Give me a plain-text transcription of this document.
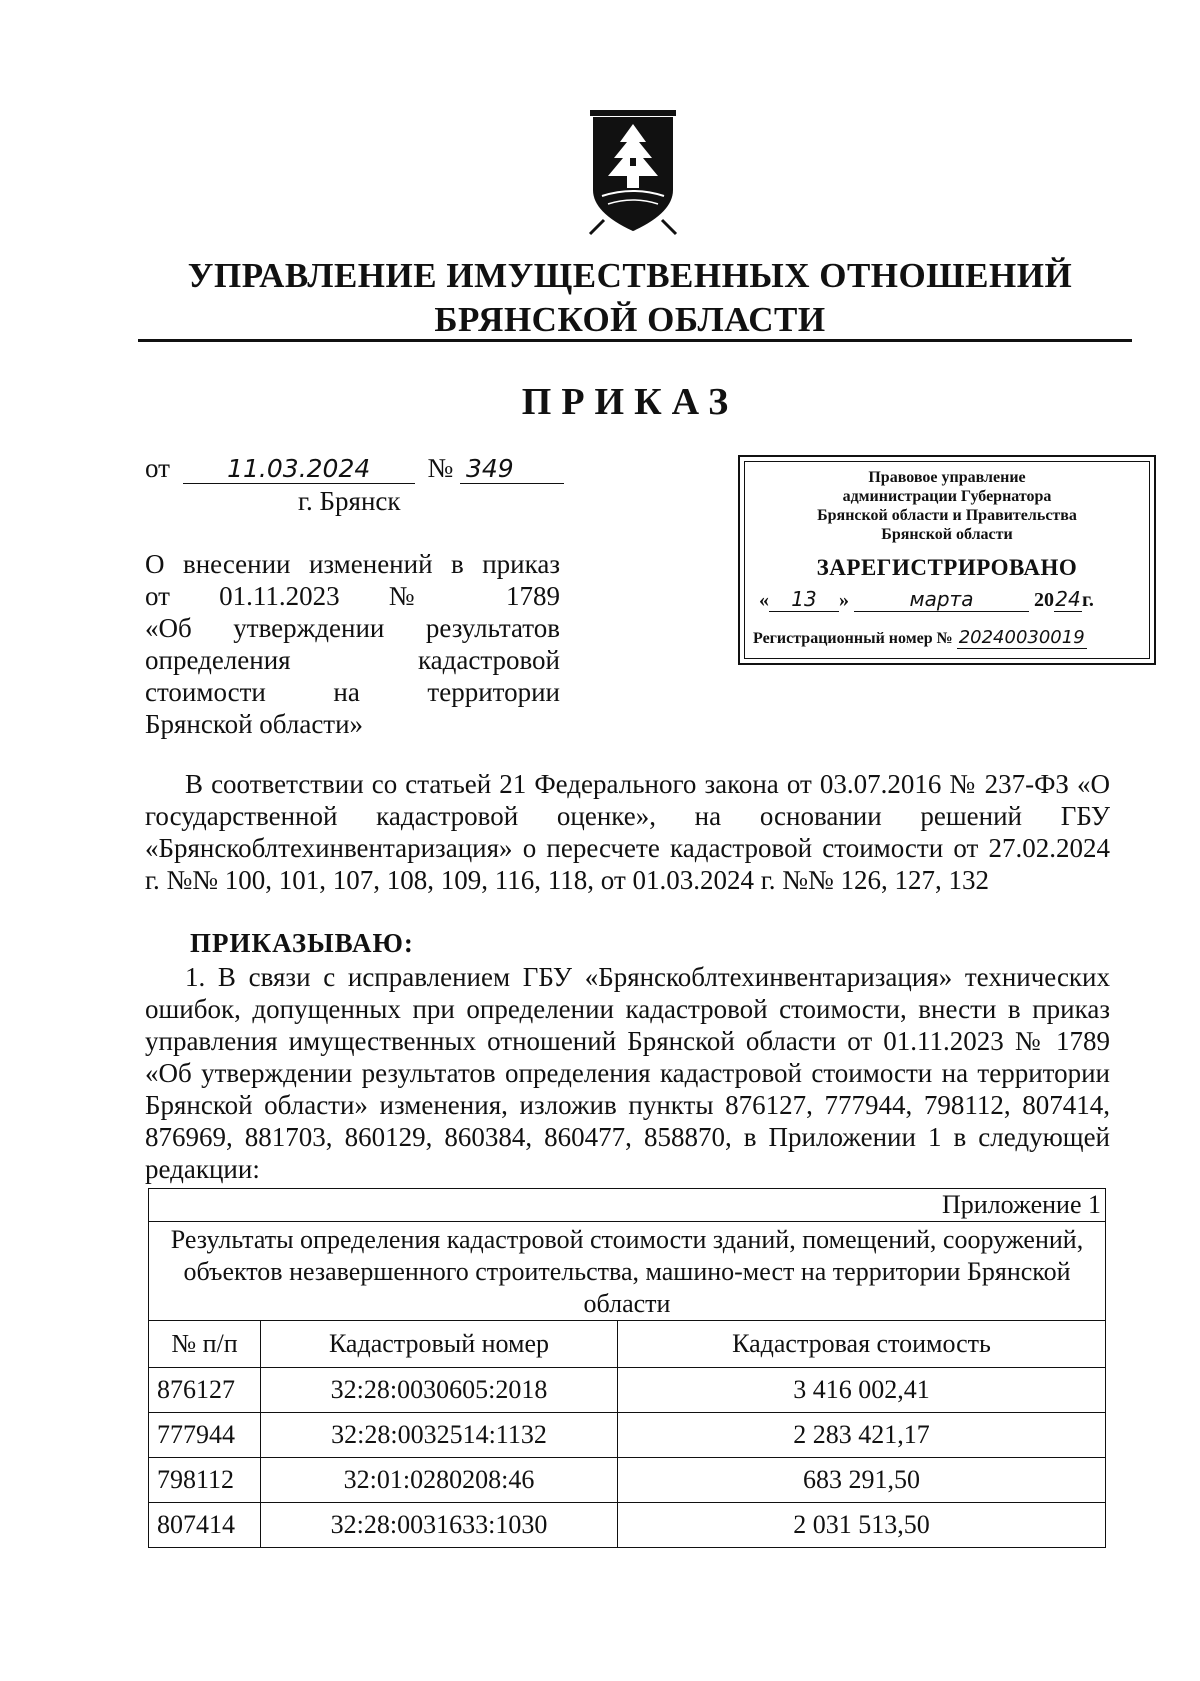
УПРАВЛЕНИЕ ИМУЩЕСТВЕННЫХ ОТНОШЕНИЙ
БРЯНСКОЙ ОБЛАСТИ
ПРИКАЗ
от 11.03.2024 № 349
г. Брянск
О внесении изменений в приказ
от 01.11.2023 № 1789
«Об утверждении результатов
определения кадастровой
стоимости на территории
Брянской области»
Правовое управление
администрации Губернатора
Брянской области и Правительства
Брянской области
ЗАРЕГИСТРИРОВАНО
« 13 »	марта	2024г.
Регистрационный номер № 20240030019
В соответствии со статьей 21 Федерального закона от 03.07.2016 № 237-ФЗ «О государственной кадастровой оценке», на основании решений ГБУ «Брянскоблтехинвентаризация» о пересчете кадастровой стоимости от 27.02.2024 г. №№ 100, 101, 107, 108, 109, 116, 118, от 01.03.2024 г. №№ 126, 127, 132
ПРИКАЗЫВАЮ:
1. В связи с исправлением ГБУ «Брянскоблтехинвентаризация» технических ошибок, допущенных при определении кадастровой стоимости, внести в приказ управления имущественных отношений Брянской области от 01.11.2023 № 1789 «Об утверждении результатов определения кадастровой стоимости на территории Брянской области» изменения, изложив пункты 876127, 777944, 798112, 807414, 876969, 881703, 860129, 860384, 860477, 858870, в Приложении 1 в следующей редакции:
Приложение 1		
Результаты определения кадастровой стоимости зданий, помещений, сооружений, объектов незавершенного строительства, машино-мест на территории Брянской области		
№ п/п	Кадастровый номер	Кадастровая стоимость
876127	32:28:0030605:2018	3 416 002,41
777944	32:28:0032514:1132	2 283 421,17
798112	32:01:0280208:46	683 291,50
807414	32:28:0031633:1030	2 031 513,50
